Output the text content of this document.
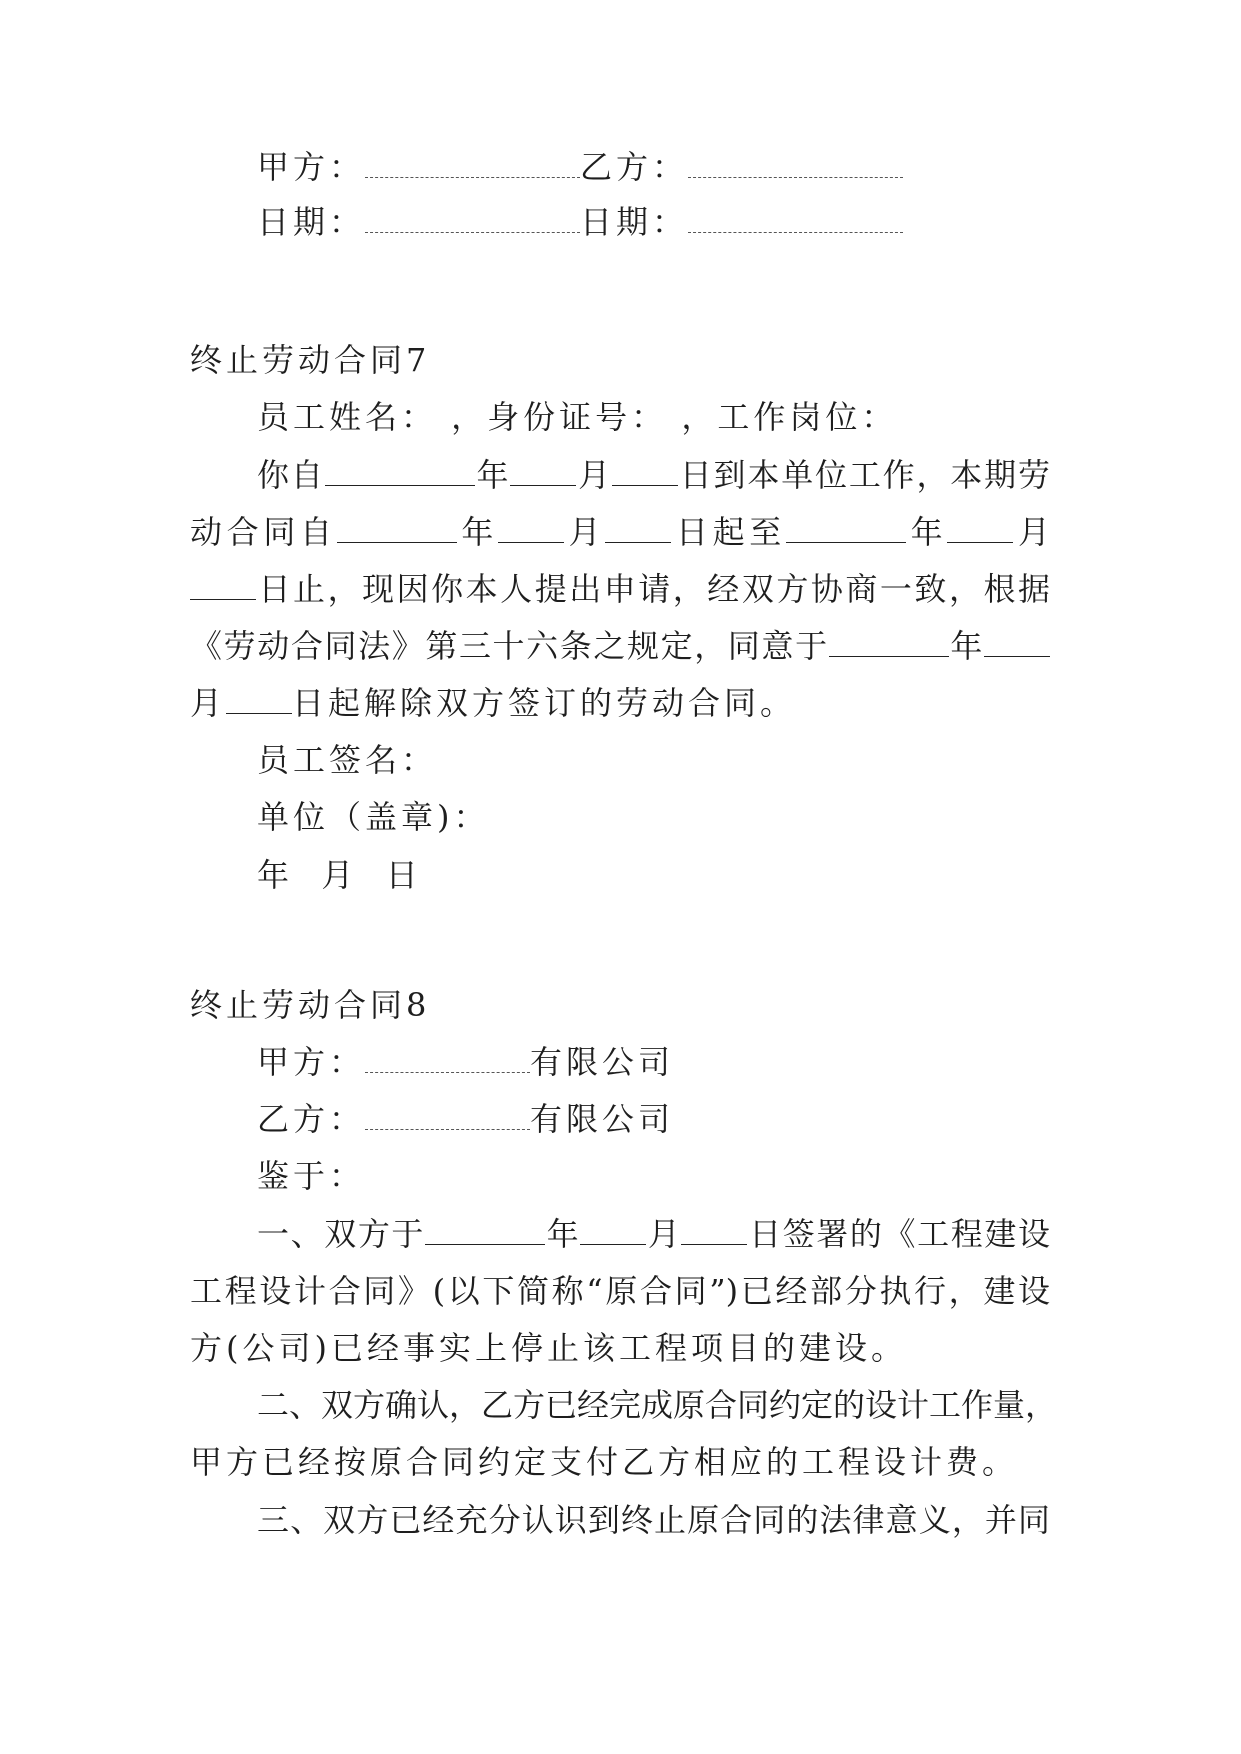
甲方：	乙方：
日期：	日期：
终止劳动合同7
员工姓名： ，身份证号： ，工作岗位：
你自	年 月 日到本单位工作，本期劳
动合同自	年 月 日起至	年 月
日止，现因你本人提出申请，经双方协商一致，根据
《劳动合同法》第三十六条之规定，同意于	年
月 日起解除双方签订的劳动合同。
员工签名：
单位（盖章)：
年  月  日
终止劳动合同8
甲方：	有限公司
乙方：	有限公司
鉴于：
一、双方于	年 月 日签署的《工程建设
工程设计合同》(以下简称“原合同”)已经部分执行，建设
方(公司)已经事实上停止该工程项目的建设。
二、双方确认，乙方已经完成原合同约定的设计工作量，
甲方已经按原合同约定支付乙方相应的工程设计费。
三、双方已经充分认识到终止原合同的法律意义，并同
